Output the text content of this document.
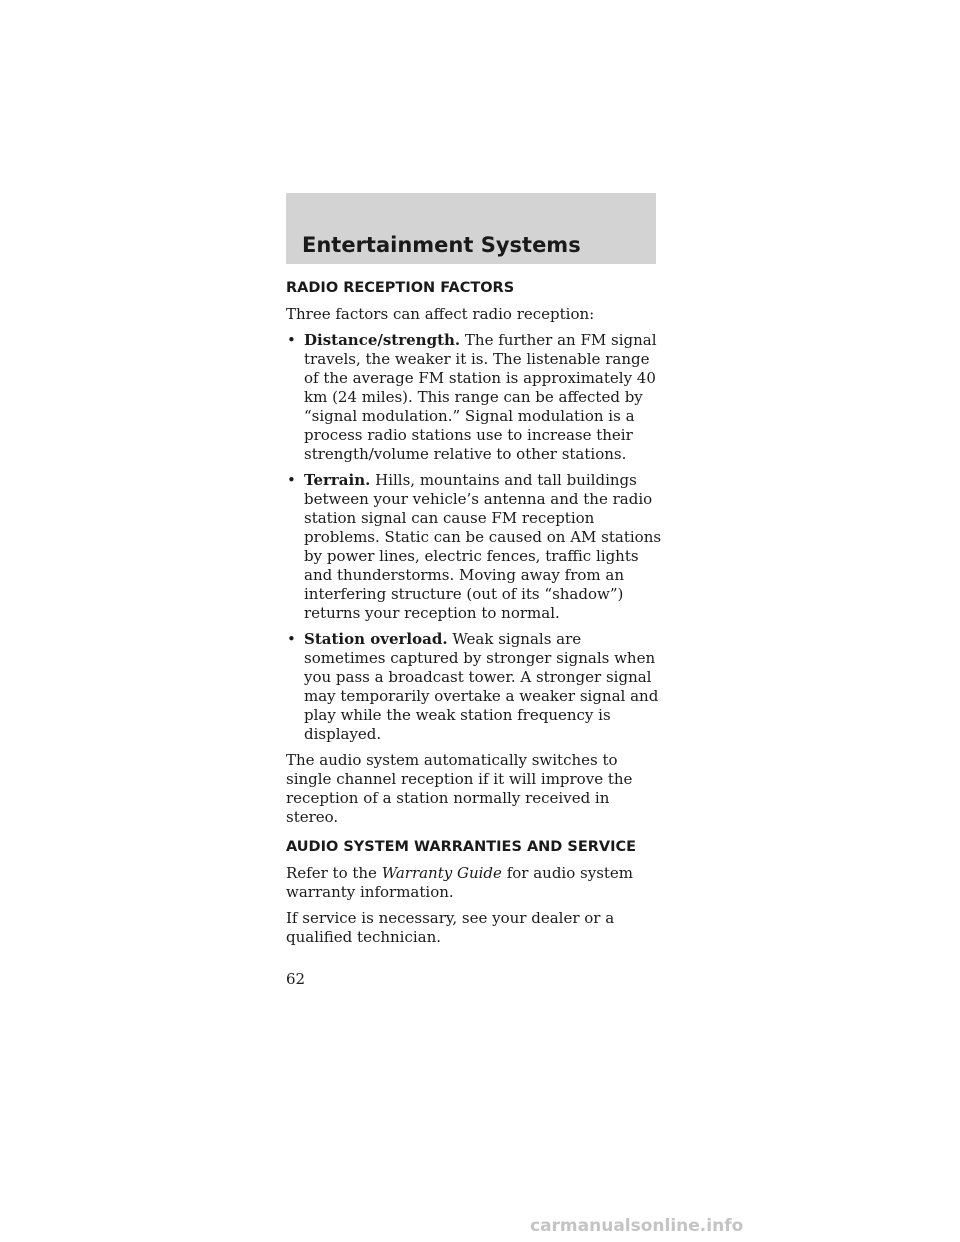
Entertainment Systems
RADIO RECEPTION FACTORS

Three factors can affect radio reception:

• Distance/strength. The further an FM signal travels, the weaker it is. The listenable range of the average FM station is approximately 40 km (24 miles). This range can be affected by “signal modulation.” Signal modulation is a process radio stations use to increase their strength/volume relative to other stations.
• Terrain. Hills, mountains and tall buildings between your vehicle’s antenna and the radio station signal can cause FM reception problems. Static can be caused on AM stations by power lines, electric fences, traffic lights and thunderstorms. Moving away from an interfering structure (out of its “shadow”) returns your reception to normal.
• Station overload. Weak signals are sometimes captured by stronger signals when you pass a broadcast tower. A stronger signal may temporarily overtake a weaker signal and play while the weak station frequency is displayed.

The audio system automatically switches to single channel reception if it will improve the reception of a station normally received in stereo.

AUDIO SYSTEM WARRANTIES AND SERVICE

Refer to the Warranty Guide for audio system warranty information.

If service is necessary, see your dealer or a qualified technician.

62
carmanualsonline.info
